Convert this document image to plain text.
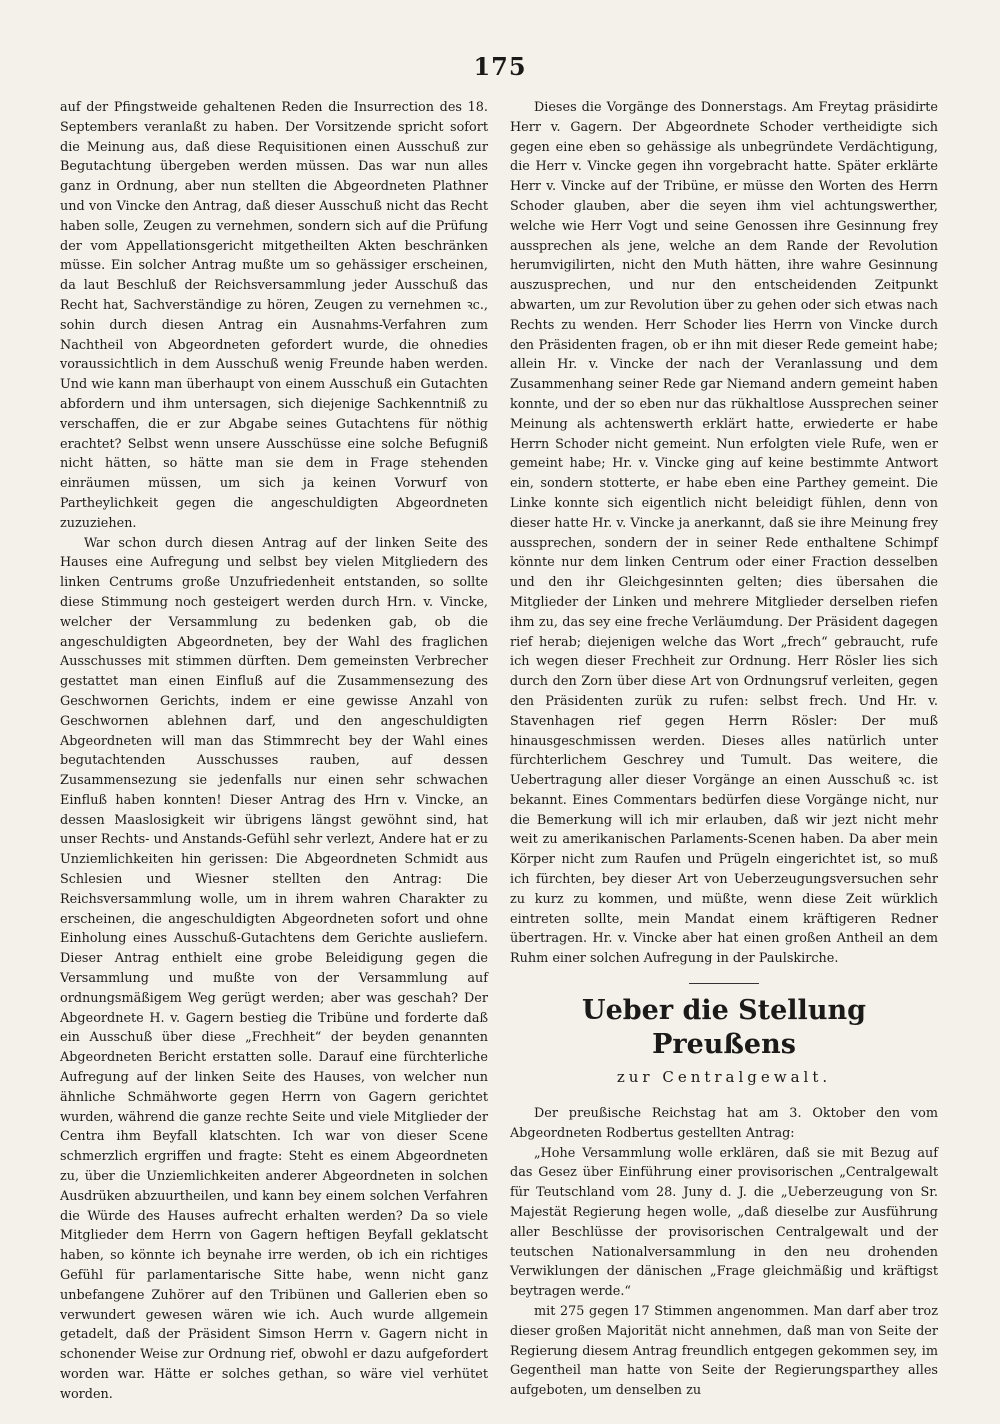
175

auf der Pfingstweide gehaltenen Reden die Insurrection des 18. Septembers veranlaßt zu haben. Der Vorsitzende spricht sofort die Meinung aus, daß diese Requisitionen einen Ausschuß zur Begutachtung übergeben werden müssen. Das war nun alles ganz in Ordnung, aber nun stellten die Abgeordneten Plathner und von Vincke den Antrag, daß dieser Ausschuß nicht das Recht haben solle, Zeugen zu vernehmen, sondern sich auf die Prüfung der vom Appellationsgericht mitgetheilten Akten beschränken müsse. Ein solcher Antrag mußte um so gehässiger erscheinen, da laut Beschluß der Reichsversammlung jeder Ausschuß das Recht hat, Sachverständige zu hören, Zeugen zu vernehmen ꝛc., sohin durch diesen Antrag ein Ausnahms-Verfahren zum Nachtheil von Abgeordneten gefordert wurde, die ohnedies voraussichtlich in dem Ausschuß wenig Freunde haben werden. Und wie kann man überhaupt von einem Ausschuß ein Gutachten abfordern und ihm untersagen, sich diejenige Sachkenntniß zu verschaffen, die er zur Abgabe seines Gutachtens für nöthig erachtet? Selbst wenn unsere Ausschüsse eine solche Befugniß nicht hätten, so hätte man sie dem in Frage stehenden einräumen müssen, um sich ja keinen Vorwurf von Partheylichkeit gegen die angeschuldigten Abgeordneten zuzuziehen.

War schon durch diesen Antrag auf der linken Seite des Hauses eine Aufregung und selbst bey vielen Mitgliedern des linken Centrums große Unzufriedenheit entstanden, so sollte diese Stimmung noch gesteigert werden durch Hrn. v. Vincke, welcher der Versammlung zu bedenken gab, ob die angeschuldigten Abgeordneten, bey der Wahl des fraglichen Ausschusses mit stimmen dürften. Dem gemeinsten Verbrecher gestattet man einen Einfluß auf die Zusammensezung des Geschwornen Gerichts, indem er eine gewisse Anzahl von Geschwornen ablehnen darf, und den angeschuldigten Abgeordneten will man das Stimmrecht bey der Wahl eines begutachtenden Ausschusses rauben, auf dessen Zusammensezung sie jedenfalls nur einen sehr schwachen Einfluß haben konnten! Dieser Antrag des Hrn v. Vincke, an dessen Maaslosigkeit wir übrigens längst gewöhnt sind, hat unser Rechts- und Anstands-Gefühl sehr verlezt, Andere hat er zu Unziemlichkeiten hin gerissen: Die Abgeordneten Schmidt aus Schlesien und Wiesner stellten den Antrag: Die Reichsversammlung wolle, um in ihrem wahren Charakter zu erscheinen, die angeschuldigten Abgeordneten sofort und ohne Einholung eines Ausschuß-Gutachtens dem Gerichte ausliefern. Dieser Antrag enthielt eine grobe Beleidigung gegen die Versammlung und mußte von der Versammlung auf ordnungsmäßigem Weg gerügt werden; aber was geschah? Der Abgeordnete H. v. Gagern bestieg die Tribüne und forderte daß ein Ausschuß über diese „Frechheit“ der beyden genannten Abgeordneten Bericht erstatten solle. Darauf eine fürchterliche Aufregung auf der linken Seite des Hauses, von welcher nun ähnliche Schmähworte gegen Herrn von Gagern gerichtet wurden, während die ganze rechte Seite und viele Mitglieder der Centra ihm Beyfall klatschten. Ich war von dieser Scene schmerzlich ergriffen und fragte: Steht es einem Abgeordneten zu, über die Unziemlichkeiten anderer Abgeordneten in solchen Ausdrüken abzuurtheilen, und kann bey einem solchen Verfahren die Würde des Hauses aufrecht erhalten werden? Da so viele Mitglieder dem Herrn von Gagern heftigen Beyfall geklatscht haben, so könnte ich beynahe irre werden, ob ich ein richtiges Gefühl für parlamentarische Sitte habe, wenn nicht ganz unbefangene Zuhörer auf den Tribünen und Gallerien eben so verwundert gewesen wären wie ich. Auch wurde allgemein getadelt, daß der Präsident Simson Herrn v. Gagern nicht in schonender Weise zur Ordnung rief, obwohl er dazu aufgefordert worden war. Hätte er solches gethan, so wäre viel verhütet worden.

Dieses die Vorgänge des Donnerstags. Am Freytag präsidirte Herr v. Gagern. Der Abgeordnete Schoder vertheidigte sich gegen eine eben so gehässige als unbegründete Verdächtigung, die Herr v. Vincke gegen ihn vorgebracht hatte. Später erklärte Herr v. Vincke auf der Tribüne, er müsse den Worten des Herrn Schoder glauben, aber die seyen ihm viel achtungswerther, welche wie Herr Vogt und seine Genossen ihre Gesinnung frey aussprechen als jene, welche an dem Rande der Revolution herumvigilirten, nicht den Muth hätten, ihre wahre Gesinnung auszusprechen, und nur den entscheidenden Zeitpunkt abwarten, um zur Revolution über zu gehen oder sich etwas nach Rechts zu wenden. Herr Schoder lies Herrn von Vincke durch den Präsidenten fragen, ob er ihn mit dieser Rede gemeint habe; allein Hr. v. Vincke der nach der Veranlassung und dem Zusammenhang seiner Rede gar Niemand andern gemeint haben konnte, und der so eben nur das rükhaltlose Aussprechen seiner Meinung als achtenswerth erklärt hatte, erwiederte er habe Herrn Schoder nicht gemeint. Nun erfolgten viele Rufe, wen er gemeint habe; Hr. v. Vincke ging auf keine bestimmte Antwort ein, sondern stotterte, er habe eben eine Parthey gemeint. Die Linke konnte sich eigentlich nicht beleidigt fühlen, denn von dieser hatte Hr. v. Vincke ja anerkannt, daß sie ihre Meinung frey aussprechen, sondern der in seiner Rede enthaltene Schimpf könnte nur dem linken Centrum oder einer Fraction desselben und den ihr Gleichgesinnten gelten; dies übersahen die Mitglieder der Linken und mehrere Mitglieder derselben riefen ihm zu, das sey eine freche Verläumdung. Der Präsident dagegen rief herab; diejenigen welche das Wort „frech“ gebraucht, rufe ich wegen dieser Frechheit zur Ordnung. Herr Rösler lies sich durch den Zorn über diese Art von Ordnungsruf verleiten, gegen den Präsidenten zurük zu rufen: selbst frech. Und Hr. v. Stavenhagen rief gegen Herrn Rösler: Der muß hinausgeschmissen werden. Dieses alles natürlich unter fürchterlichem Geschrey und Tumult. Das weitere, die Uebertragung aller dieser Vorgänge an einen Ausschuß ꝛc. ist bekannt. Eines Commentars bedürfen diese Vorgänge nicht, nur die Bemerkung will ich mir erlauben, daß wir jezt nicht mehr weit zu amerikanischen Parlaments-Scenen haben. Da aber mein Körper nicht zum Raufen und Prügeln eingerichtet ist, so muß ich fürchten, bey dieser Art von Ueberzeugungsversuchen sehr zu kurz zu kommen, und müßte, wenn diese Zeit würklich eintreten sollte, mein Mandat einem kräftigeren Redner übertragen. Hr. v. Vincke aber hat einen großen Antheil an dem Ruhm einer solchen Aufregung in der Paulskirche.

Ueber die Stellung Preußens
zur Centralgewalt.

Der preußische Reichstag hat am 3. Oktober den vom Abgeordneten Rodbertus gestellten Antrag:

„Hohe Versammlung wolle erklären, daß sie mit Bezug auf das Gesez über Einführung einer provisorischen „Centralgewalt für Teutschland vom 28. Juny d. J. die „Ueberzeugung von Sr. Majestät Regierung hegen wolle, „daß dieselbe zur Ausführung aller Beschlüsse der provisorischen Centralgewalt und der teutschen Nationalversammlung in den neu drohenden Verwiklungen der dänischen „Frage gleichmäßig und kräftigst beytragen werde.“

mit 275 gegen 17 Stimmen angenommen. Man darf aber troz dieser großen Majorität nicht annehmen, daß man von Seite der Regierung diesem Antrag freundlich entgegen gekommen sey, im Gegentheil man hatte von Seite der Regierungsparthey alles aufgeboten, um denselben zu
